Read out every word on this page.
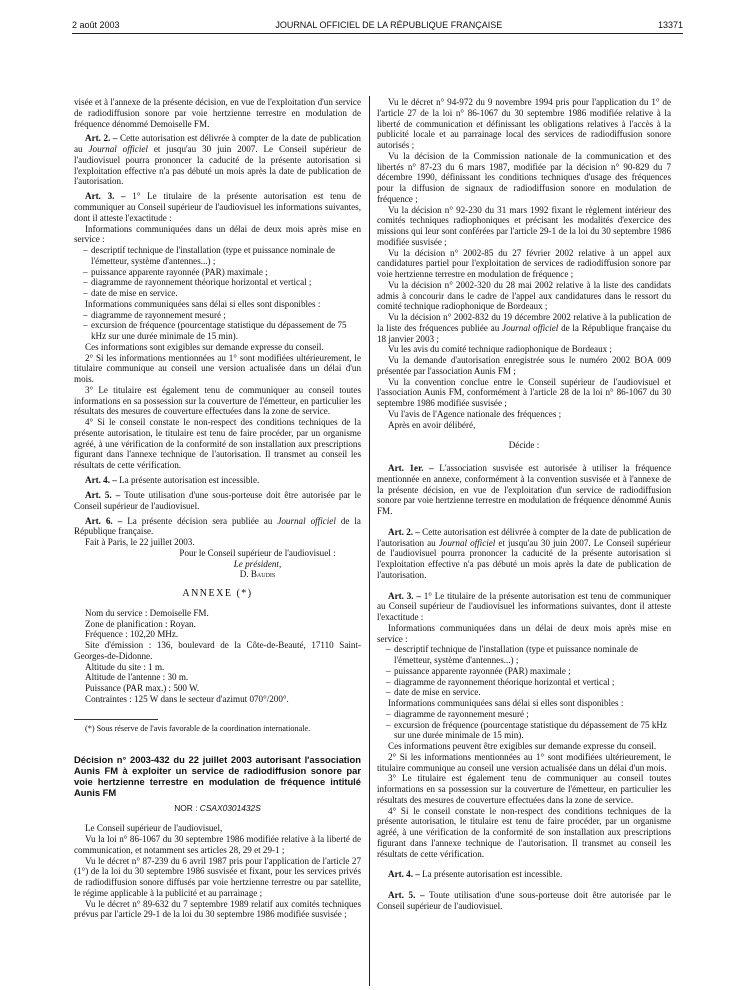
2 août 2003	JOURNAL OFFICIEL DE LA RÉPUBLIQUE FRANÇAISE	13371

visée et à l'annexe de la présente décision, en vue de l'exploitation d'un service de radiodiffusion sonore par voie hertzienne terrestre en modulation de fréquence dénommé Demoiselle FM.

Art. 2. – Cette autorisation est délivrée à compter de la date de publication au Journal officiel et jusqu'au 30 juin 2007. Le Conseil supérieur de l'audiovisuel pourra prononcer la caducité de la présente autorisation si l'exploitation effective n'a pas débuté un mois après la date de publication de l'autorisation.

Art. 3. – 1° Le titulaire de la présente autorisation est tenu de communiquer au Conseil supérieur de l'audiovisuel les informations suivantes, dont il atteste l'exactitude :

Informations communiquées dans un délai de deux mois après mise en service :

– descriptif technique de l'installation (type et puissance nominale de l'émetteur, système d'antennes...) ;

– puissance apparente rayonnée (PAR) maximale ;

– diagramme de rayonnement théorique horizontal et vertical ;

– date de mise en service.

Informations communiquées sans délai si elles sont disponibles :

– diagramme de rayonnement mesuré ;

– excursion de fréquence (pourcentage statistique du dépassement de 75 kHz sur une durée minimale de 15 min).

Ces informations sont exigibles sur demande expresse du conseil.

2° Si les informations mentionnées au 1° sont modifiées ultérieurement, le titulaire communique au conseil une version actualisée dans un délai d'un mois.

3° Le titulaire est également tenu de communiquer au conseil toutes informations en sa possession sur la couverture de l'émetteur, en particulier les résultats des mesures de couverture effectuées dans la zone de service.

4° Si le conseil constate le non-respect des conditions techniques de la présente autorisation, le titulaire est tenu de faire procéder, par un organisme agréé, à une vérification de la conformité de son installation aux prescriptions figurant dans l'annexe technique de l'autorisation. Il transmet au conseil les résultats de cette vérification.

Art. 4. – La présente autorisation est incessible.

Art. 5. – Toute utilisation d'une sous-porteuse doit être autorisée par le Conseil supérieur de l'audiovisuel.

Art. 6. – La présente décision sera publiée au Journal officiel de la République française.

Fait à Paris, le 22 juillet 2003.

Pour le Conseil supérieur de l'audiovisuel :

Le président,

D. Baudis

ANNEXE (*)

Nom du service : Demoiselle FM.

Zone de planification : Royan.

Fréquence : 102,20 MHz.

Site d'émission : 136, boulevard de la Côte-de-Beauté, 17110 Saint-Georges-de-Didonne.

Altitude du site : 1 m.

Altitude de l'antenne : 30 m.

Puissance (PAR max.) : 500 W.

Contraintes : 125 W dans le secteur d'azimut 070°/200°.

(*) Sous réserve de l'avis favorable de la coordination internationale.

Décision n° 2003-432 du 22 juillet 2003 autorisant l'association Aunis FM à exploiter un service de radiodiffusion sonore par voie hertzienne terrestre en modulation de fréquence intitulé Aunis FM

NOR : CSAX0301432S

Le Conseil supérieur de l'audiovisuel,

Vu la loi n° 86-1067 du 30 septembre 1986 modifiée relative à la liberté de communication, et notamment ses articles 28, 29 et 29-1 ;

Vu le décret n° 87-239 du 6 avril 1987 pris pour l'application de l'article 27 (1°) de la loi du 30 septembre 1986 susvisée et fixant, pour les services privés de radiodiffusion sonore diffusés par voie hertzienne terrestre ou par satellite, le régime applicable à la publicité et au parrainage ;

Vu le décret n° 89-632 du 7 septembre 1989 relatif aux comités techniques prévus par l'article 29-1 de la loi du 30 septembre 1986 modifiée susvisée ;

Vu le décret n° 94-972 du 9 novembre 1994 pris pour l'application du 1° de l'article 27 de la loi n° 86-1067 du 30 septembre 1986 modifiée relative à la liberté de communication et définissant les obligations relatives à l'accès à la publicité locale et au parrainage local des services de radiodiffusion sonore autorisés ;

Vu la décision de la Commission nationale de la communication et des libertés n° 87-23 du 6 mars 1987, modifiée par la décision n° 90-829 du 7 décembre 1990, définissant les conditions techniques d'usage des fréquences pour la diffusion de signaux de radiodiffusion sonore en modulation de fréquence ;

Vu la décision n° 92-230 du 31 mars 1992 fixant le règlement intérieur des comités techniques radiophoniques et précisant les modalités d'exercice des missions qui leur sont conférées par l'article 29-1 de la loi du 30 septembre 1986 modifiée susvisée ;

Vu la décision n° 2002-85 du 27 février 2002 relative à un appel aux candidatures partiel pour l'exploitation de services de radiodiffusion sonore par voie hertzienne terrestre en modulation de fréquence ;

Vu la décision n° 2002-320 du 28 mai 2002 relative à la liste des candidats admis à concourir dans le cadre de l'appel aux candidatures dans le ressort du comité technique radiophonique de Bordeaux ;

Vu la décision n° 2002-832 du 19 décembre 2002 relative à la publication de la liste des fréquences publiée au Journal officiel de la République française du 18 janvier 2003 ;

Vu les avis du comité technique radiophonique de Bordeaux ;

Vu la demande d'autorisation enregistrée sous le numéro 2002 BOA 009 présentée par l'association Aunis FM ;

Vu la convention conclue entre le Conseil supérieur de l'audiovisuel et l'association Aunis FM, conformément à l'article 28 de la loi n° 86-1067 du 30 septembre 1986 modifiée susvisée ;

Vu l'avis de l'Agence nationale des fréquences ;

Après en avoir délibéré,

Décide :

Art. 1er. – L'association susvisée est autorisée à utiliser la fréquence mentionnée en annexe, conformément à la convention susvisée et à l'annexe de la présente décision, en vue de l'exploitation d'un service de radiodiffusion sonore par voie hertzienne terrestre en modulation de fréquence dénommé Aunis FM.

Art. 2. – Cette autorisation est délivrée à compter de la date de publication de l'autorisation au Journal officiel et jusqu'au 30 juin 2007. Le Conseil supérieur de l'audiovisuel pourra prononcer la caducité de la présente autorisation si l'exploitation effective n'a pas débuté un mois après la date de publication de l'autorisation.

Art. 3. – 1° Le titulaire de la présente autorisation est tenu de communiquer au Conseil supérieur de l'audiovisuel les informations suivantes, dont il atteste l'exactitude :

Informations communiquées dans un délai de deux mois après mise en service :

– descriptif technique de l'installation (type et puissance nominale de l'émetteur, système d'antennes...) ;

– puissance apparente rayonnée (PAR) maximale ;

– diagramme de rayonnement théorique horizontal et vertical ;

– date de mise en service.

Informations communiquées sans délai si elles sont disponibles :

– diagramme de rayonnement mesuré ;

– excursion de fréquence (pourcentage statistique du dépassement de 75 kHz sur une durée minimale de 15 min).

Ces informations peuvent être exigibles sur demande expresse du conseil.

2° Si les informations mentionnées au 1° sont modifiées ultérieurement, le titulaire communique au conseil une version actualisée dans un délai d'un mois.

3° Le titulaire est également tenu de communiquer au conseil toutes informations en sa possession sur la couverture de l'émetteur, en particulier les résultats des mesures de couverture effectuées dans la zone de service.

4° Si le conseil constate le non-respect des conditions techniques de la présente autorisation, le titulaire est tenu de faire procéder, par un organisme agréé, à une vérification de la conformité de son installation aux prescriptions figurant dans l'annexe technique de l'autorisation. Il transmet au conseil les résultats de cette vérification.

Art. 4. – La présente autorisation est incessible.

Art. 5. – Toute utilisation d'une sous-porteuse doit être autorisée par le Conseil supérieur de l'audiovisuel.
